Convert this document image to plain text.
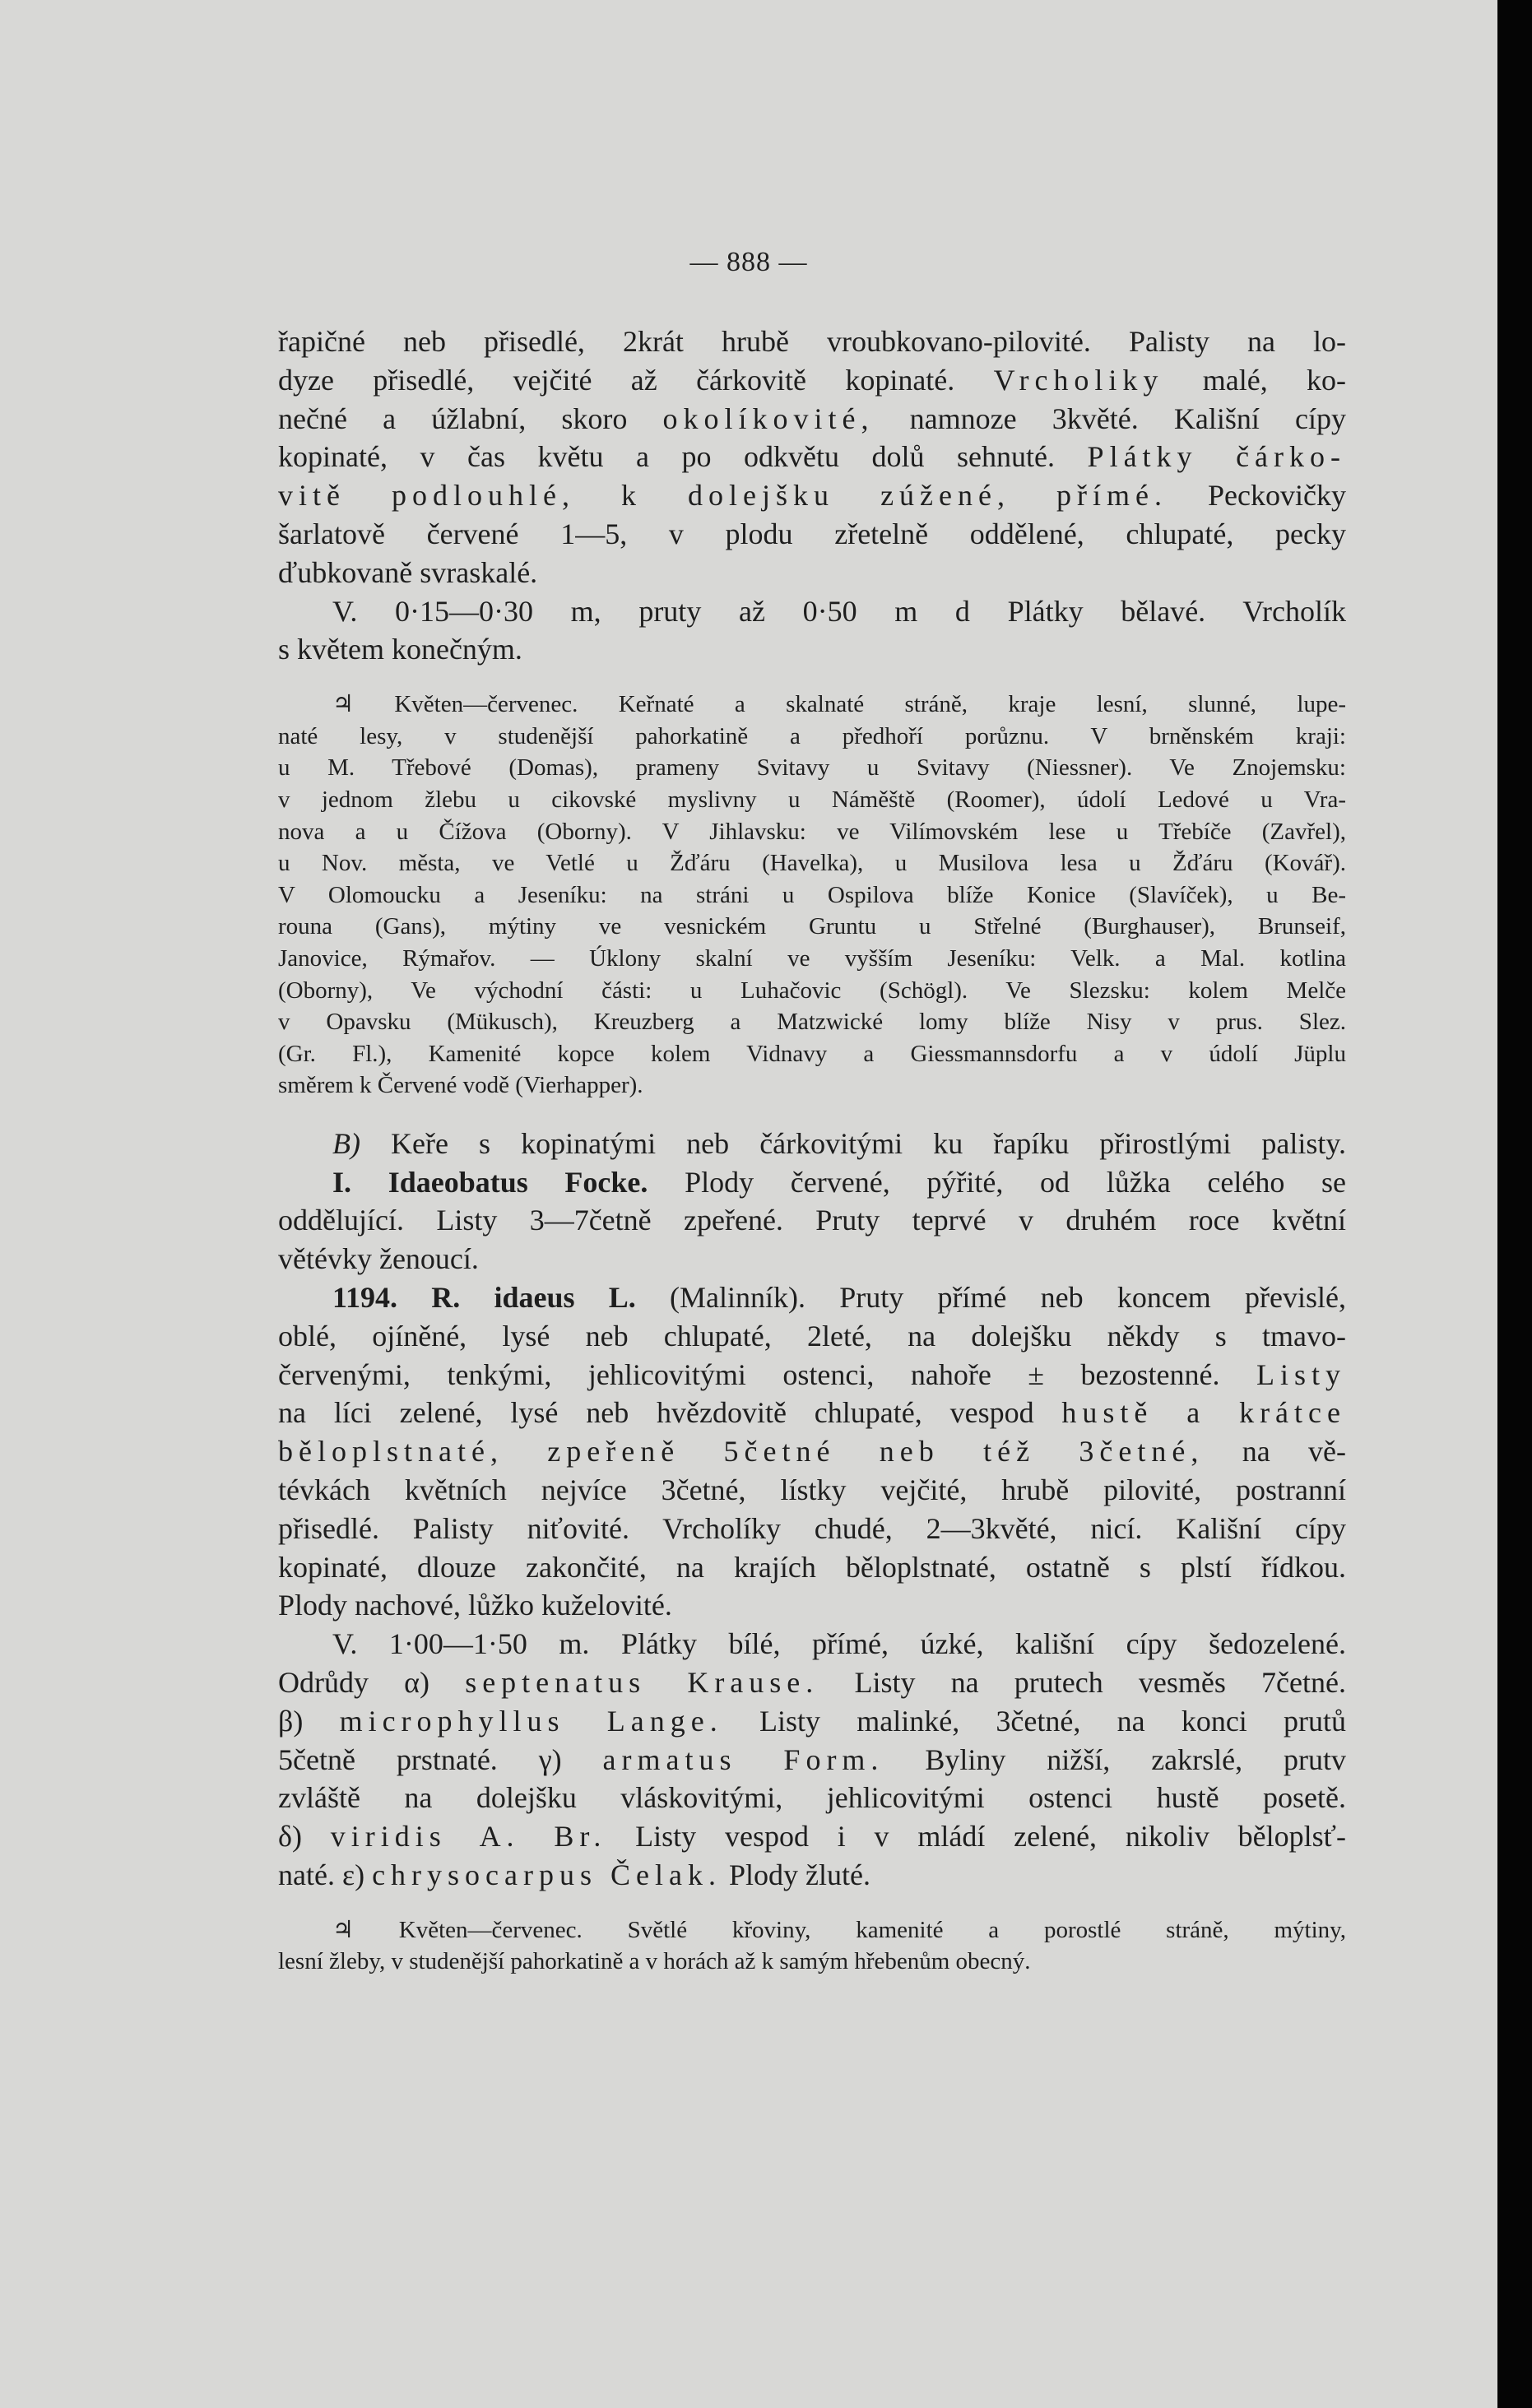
— 888 —

řapičné neb přisedlé, 2krát hrubě vroubkovano-pilovité. Palisty na lo-

dyze přisedlé, vejčité až čárkovitě kopinaté. Vrcholiky malé, ko-

nečné a úžlabní, skoro okolíkovité, namnoze 3květé. Kališní cípy

kopinaté, v čas květu a po odkvětu dolů sehnuté. Plátky čárko-

vitě podlouhlé, k dolejšku zúžené, přímé. Peckovičky

šarlatově červené 1—5, v plodu zřetelně oddělené, chlupaté, pecky

ďubkovaně svraskalé.

V. 0·15—0·30 m, pruty až 0·50 m d Plátky bělavé. Vrcholík

s květem konečným.

♃ Květen—červenec. Keřnaté a skalnaté stráně, kraje lesní, slunné, lupe-

naté lesy, v studenější pahorkatině a předhoří porůznu. V brněnském kraji:

u M. Třebové (Domas), prameny Svitavy u Svitavy (Niessner). Ve Znojemsku:

v jednom žlebu u cikovské myslivny u Náměště (Roomer), údolí Ledové u Vra-

nova a u Čížova (Oborny). V Jihlavsku: ve Vilímovském lese u Třebíče (Zavřel),

u Nov. města, ve Vetlé u Žďáru (Havelka), u Musilova lesa u Žďáru (Kovář).

V Olomoucku a Jeseníku: na stráni u Ospilova blíže Konice (Slavíček), u Be-

rouna (Gans), mýtiny ve vesnickém Gruntu u Střelné (Burghauser), Brunseif,

Janovice, Rýmařov. — Úklony skalní ve vyšším Jeseníku: Velk. a Mal. kotlina

(Oborny), Ve východní části: u Luhačovic (Schögl). Ve Slezsku: kolem Melče

v Opavsku (Mükusch), Kreuzberg a Matzwické lomy blíže Nisy v prus. Slez.

(Gr. Fl.), Kamenité kopce kolem Vidnavy a Giessmannsdorfu a v údolí Jüplu

směrem k Červené vodě (Vierhapper).

B) Keře s kopinatými neb čárkovitými ku řapíku přirostlými palisty.

I. Idaeobatus Focke. Plody červené, pýřité, od lůžka celého se

oddělující. Listy 3—7četně zpeřené. Pruty teprvé v druhém roce květní

větévky ženoucí.

1194. R. idaeus L. (Malinník). Pruty přímé neb koncem převislé,

oblé, ojíněné, lysé neb chlupaté, 2leté, na dolejšku někdy s tmavo-

červenými, tenkými, jehlicovitými ostenci, nahoře ± bezostenné. Listy

na líci zelené, lysé neb hvězdovitě chlupaté, vespod hustě a krátce

běloplstnaté, zpeřeně 5četné neb též 3četné, na vě-

tévkách květních nejvíce 3četné, lístky vejčité, hrubě pilovité, postranní

přisedlé. Palisty niťovité. Vrcholíky chudé, 2—3květé, nicí. Kališní cípy

kopinaté, dlouze zakončité, na krajích běloplstnaté, ostatně s plstí řídkou.

Plody nachové, lůžko kuželovité.

V. 1·00—1·50 m. Plátky bílé, přímé, úzké, kališní cípy šedozelené.

Odrůdy α) septenatus Krause. Listy na prutech vesměs 7četné.

β) microphyllus Lange. Listy malinké, 3četné, na konci prutů

5četně prstnaté. γ) armatus Form. Byliny nižší, zakrslé, prutv

zvláště na dolejšku vláskovitými, jehlicovitými ostenci hustě posetě.

δ) viridis A. Br. Listy vespod i v mládí zelené, nikoliv běloplsť-

naté. ε) chrysocarpus Čelak. Plody žluté.

♃ Květen—červenec. Světlé křoviny, kamenité a porostlé stráně, mýtiny,

lesní žleby, v studenější pahorkatině a v horách až k samým hřebenům obecný.
